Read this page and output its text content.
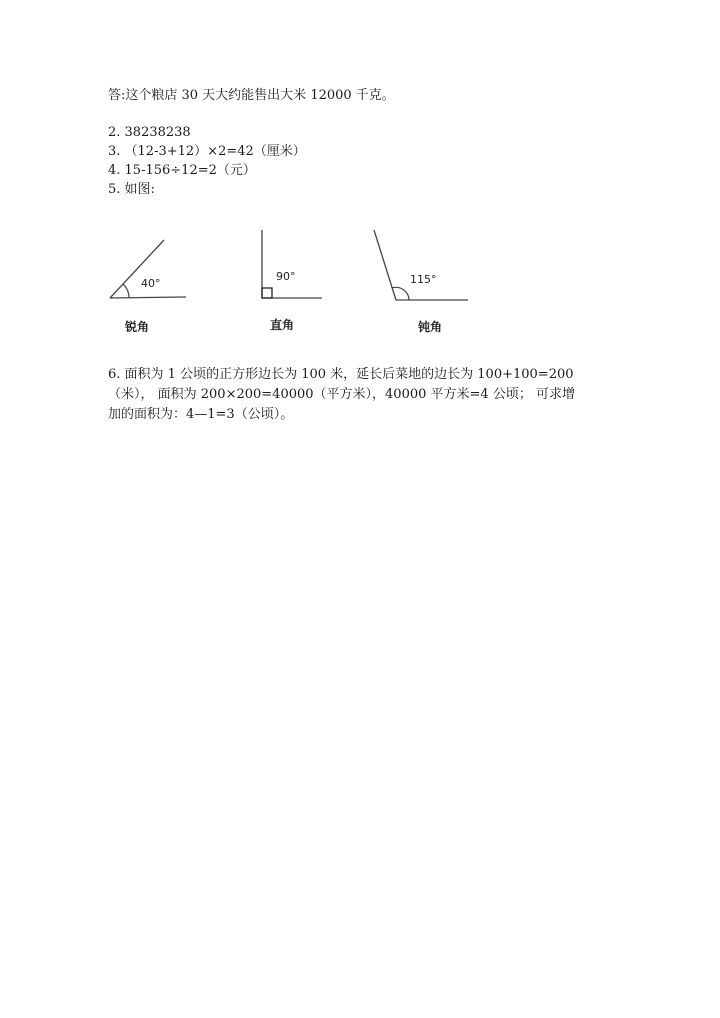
答:这个粮店 30 天大约能售出大米 12000 千克。
2. 38238238
3. （12-3+12）×2=42（厘米）
4. 15-156÷12=2（元）
5. 如图:
40°
锐角
90°
直角
115°
钝角
6. 面积为 1 公顷的正方形边长为 100 米，延长后菜地的边长为 100+100=200
（米）， 面积为 200×200=40000（平方米），40000 平方米=4 公顷； 可求增
加的面积为：4—1=3（公顷）。
